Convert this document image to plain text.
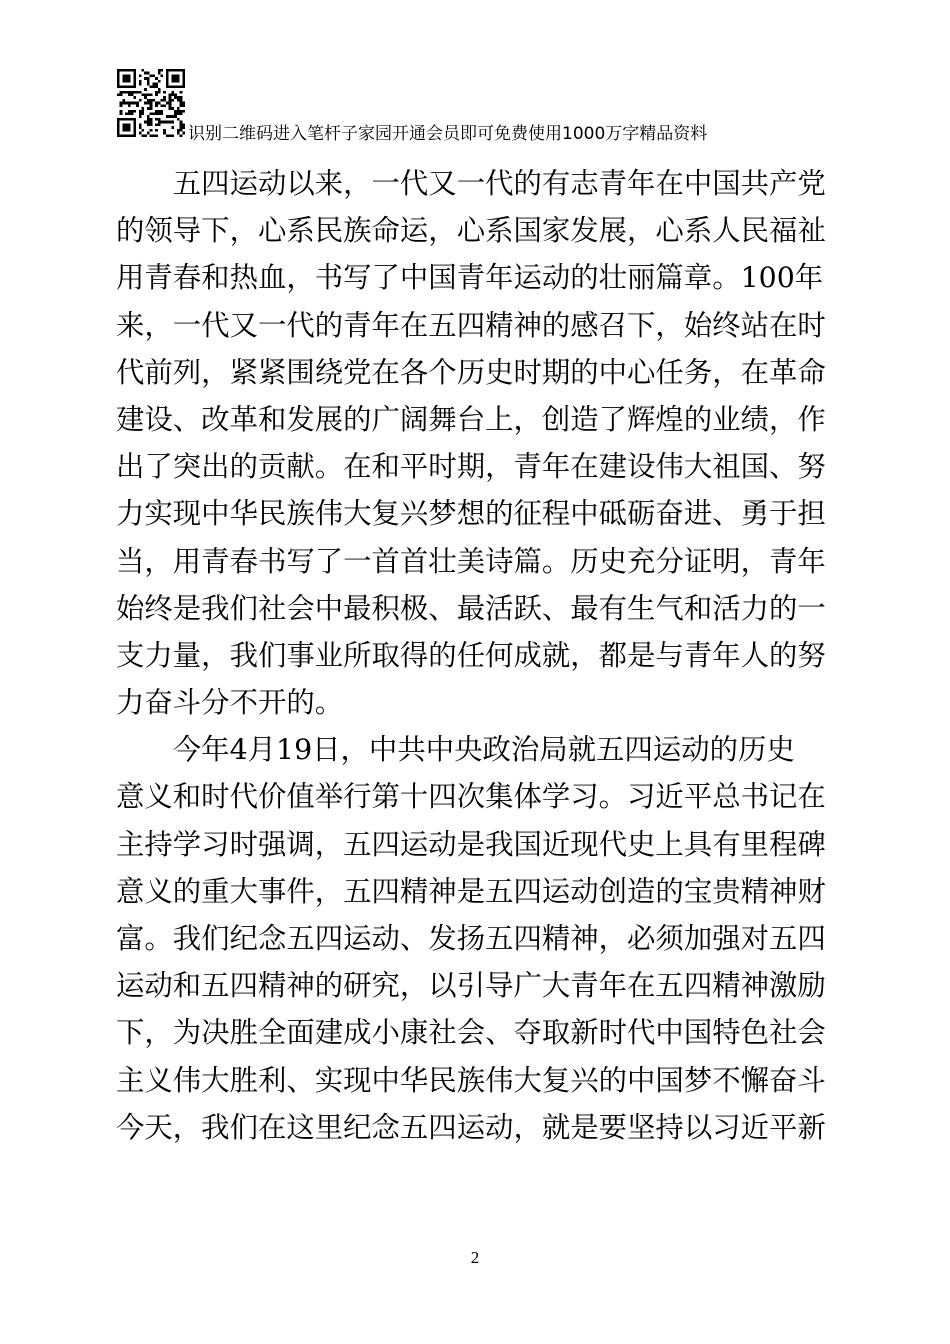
识别二维码进入笔杆子家园开通会员即可免费使用1000万字精品资料
　　五四运动以来，一代又一代的有志青年在中国共产党
的领导下，心系民族命运，心系国家发展，心系人民福祉
用青春和热血，书写了中国青年运动的壮丽篇章。100年
来，一代又一代的青年在五四精神的感召下，始终站在时
代前列，紧紧围绕党在各个历史时期的中心任务，在革命
建设、改革和发展的广阔舞台上，创造了辉煌的业绩，作
出了突出的贡献。在和平时期，青年在建设伟大祖国、努
力实现中华民族伟大复兴梦想的征程中砥砺奋进、勇于担
当，用青春书写了一首首壮美诗篇。历史充分证明，青年
始终是我们社会中最积极、最活跃、最有生气和活力的一
支力量，我们事业所取得的任何成就，都是与青年人的努
力奋斗分不开的。
　　今年4月19日，中共中央政治局就五四运动的历史
意义和时代价值举行第十四次集体学习。习近平总书记在
主持学习时强调，五四运动是我国近现代史上具有里程碑
意义的重大事件，五四精神是五四运动创造的宝贵精神财
富。我们纪念五四运动、发扬五四精神，必须加强对五四
运动和五四精神的研究，以引导广大青年在五四精神激励
下，为决胜全面建成小康社会、夺取新时代中国特色社会
主义伟大胜利、实现中华民族伟大复兴的中国梦不懈奋斗
今天，我们在这里纪念五四运动，就是要坚持以习近平新
2
